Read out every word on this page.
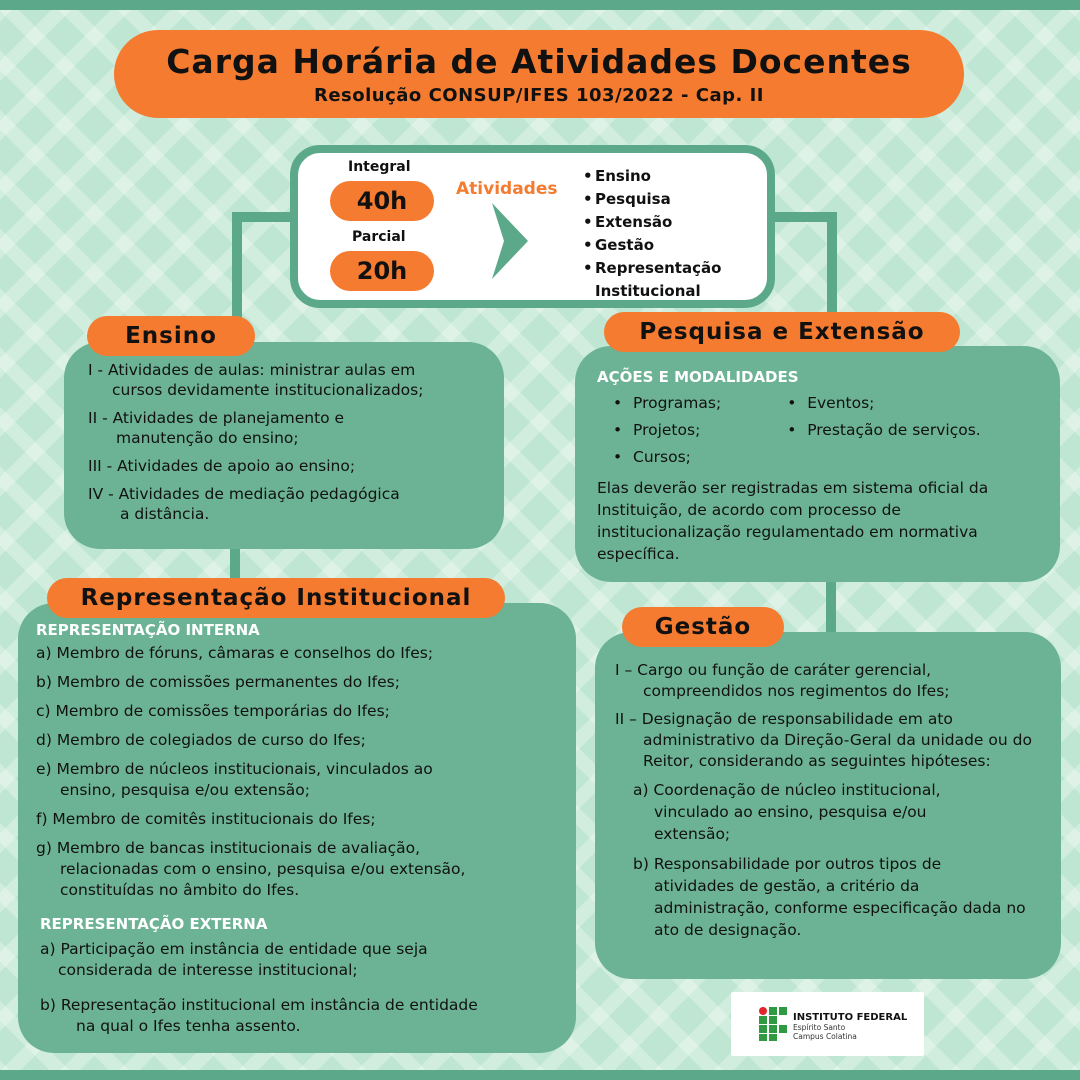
Carga Horária de Atividades Docentes
Resolução CONSUP/IFES 103/2022 - Cap. II
Integral
40h
Parcial
20h
Atividades
• Ensino
• Pesquisa
• Extensão
• Gestão
• Representação
Institucional
Ensino
I - Atividades de aulas: ministrar aulas em
cursos devidamente institucionalizados;
II - Atividades de planejamento e
manutenção do ensino;
III - Atividades de apoio ao ensino;
IV - Atividades de mediação pedagógica
a distância.
Pesquisa e Extensão
AÇÕES E MODALIDADES
• Programas;
• Projetos;
• Cursos;
• Eventos;
• Prestação de serviços.
Elas deverão ser registradas em sistema oficial da Instituição, de acordo com processo de institucionalização regulamentado em normativa específica.
Representação Institucional
REPRESENTAÇÃO INTERNA
a) Membro de fóruns, câmaras e conselhos do Ifes;
b) Membro de comissões permanentes do Ifes;
c) Membro de comissões temporárias do Ifes;
d) Membro de colegiados de curso do Ifes;
e) Membro de núcleos institucionais, vinculados ao
ensino, pesquisa e/ou extensão;
f) Membro de comitês institucionais do Ifes;
g) Membro de bancas institucionais de avaliação,
relacionadas com o ensino, pesquisa e/ou extensão, constituídas no âmbito do Ifes.
REPRESENTAÇÃO EXTERNA
a) Participação em instância de entidade que seja
considerada de interesse institucional;
b) Representação institucional em instância de entidade
na qual o Ifes tenha assento.
Gestão
I – Cargo ou função de caráter gerencial,
compreendidos nos regimentos do Ifes;
II – Designação de responsabilidade em ato
administrativo da Direção-Geral da unidade ou do Reitor, considerando as seguintes hipóteses:
a) Coordenação de núcleo institucional,
vinculado ao ensino, pesquisa e/ou extensão;
b) Responsabilidade por outros tipos de
atividades de gestão, a critério da administração, conforme especificação dada no ato de designação.
INSTITUTO FEDERAL
Espírito Santo
Campus Colatina
